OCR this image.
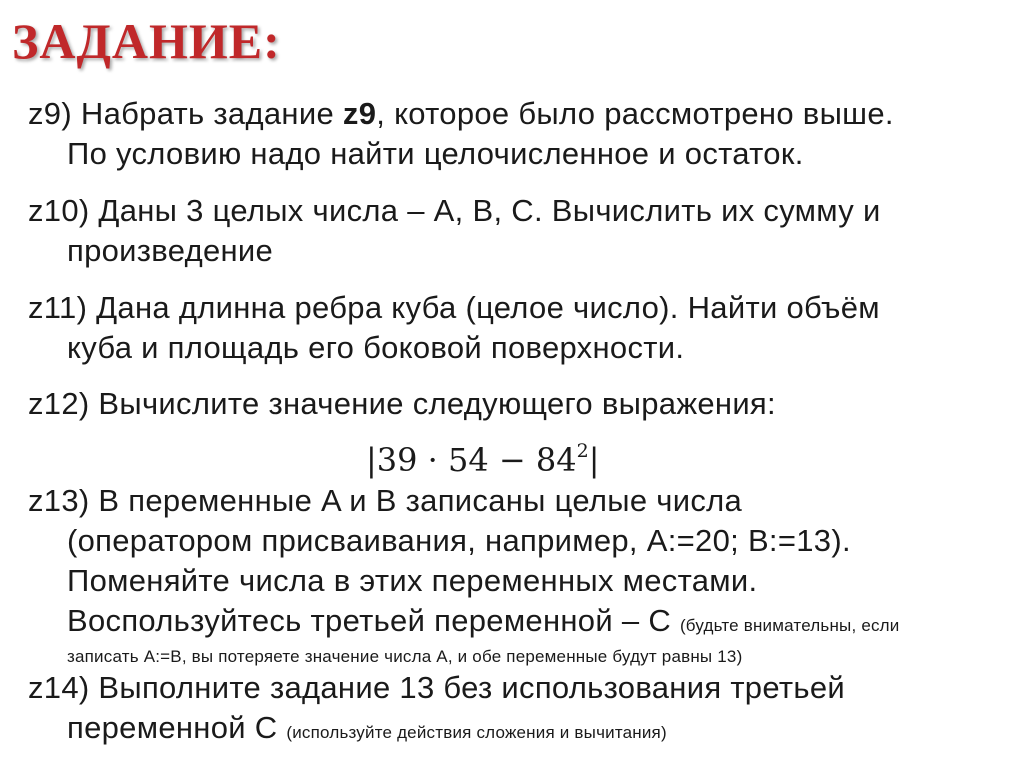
ЗАДАНИЕ:
z9) Набрать задание z9, которое было рассмотрено выше.
По условию надо найти целочисленное и остаток.
z10) Даны 3 целых числа – A, B, C. Вычислить их сумму и
произведение
z11) Дана длинна ребра куба (целое число). Найти объём
куба и площадь его боковой поверхности.
z12) Вычислите значение следующего выражения:
$|39 \cdot 54 - 84^2|$
z13) В переменные A и B записаны целые числа
(оператором присваивания, например, A:=20; B:=13).
Поменяйте числа в этих переменных местами.
Воспользуйтесь третьей переменной – C (будьте внимательны, если
записать A:=B, вы потеряете значение числа A, и обе переменные будут равны 13)
z14) Выполните задание 13 без использования третьей
переменной C (используйте действия сложения и вычитания)
